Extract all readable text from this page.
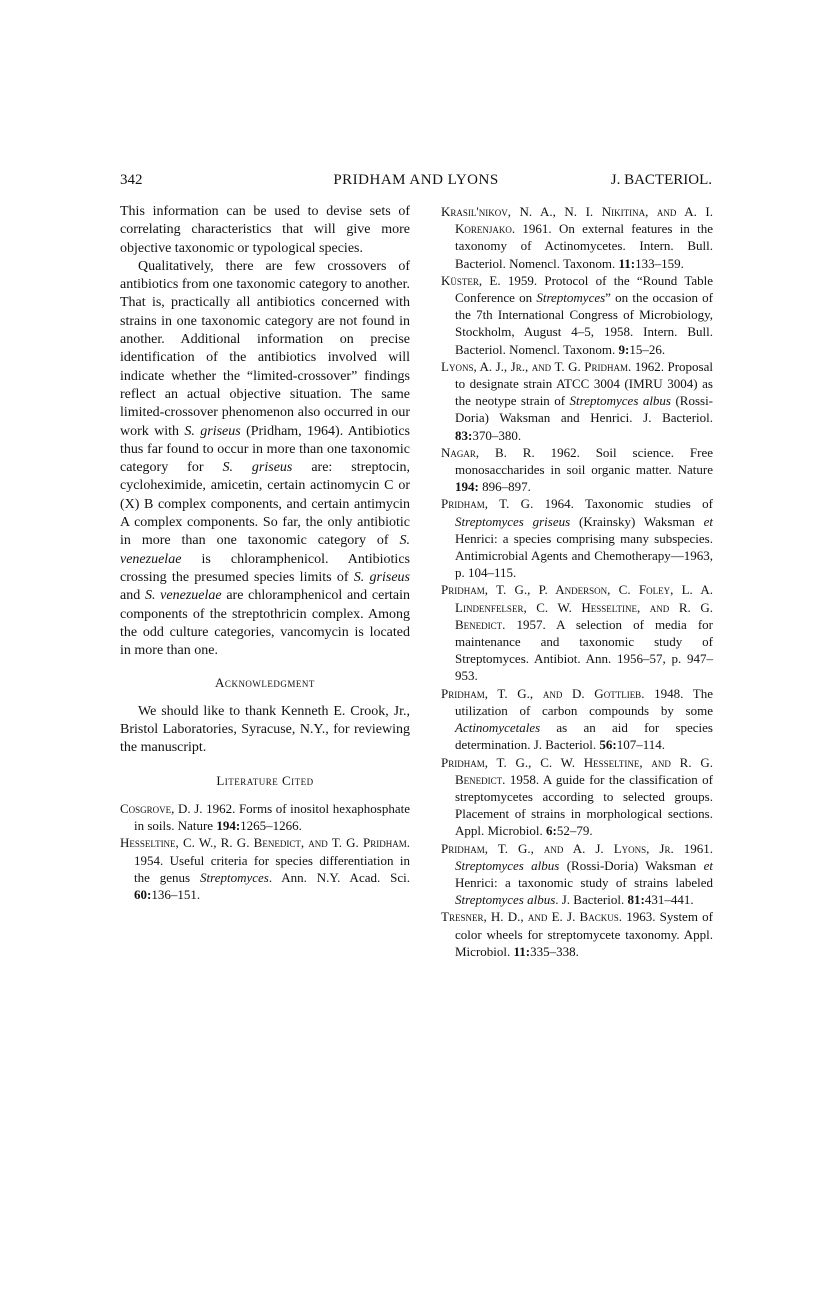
342	PRIDHAM AND LYONS	J. BACTERIOL.

This information can be used to devise sets of correlating characteristics that will give more objective taxonomic or typological species.

Qualitatively, there are few crossovers of antibiotics from one taxonomic category to another. That is, practically all antibiotics concerned with strains in one taxonomic category are not found in another. Additional information on precise identification of the antibiotics involved will indicate whether the “limited-crossover” findings reflect an actual objective situation. The same limited-crossover phenomenon also occurred in our work with S. griseus (Pridham, 1964). Antibiotics thus far found to occur in more than one taxonomic category for S. griseus are: streptocin, cycloheximide, amicetin, certain actinomycin C or (X) B complex components, and certain antimycin A complex components. So far, the only antibiotic in more than one taxonomic category of S. venezuelae is chloramphenicol. Antibiotics crossing the presumed species limits of S. griseus and S. venezuelae are chloramphenicol and certain components of the streptothricin complex. Among the odd culture categories, vancomycin is located in more than one.

Acknowledgment

We should like to thank Kenneth E. Crook, Jr., Bristol Laboratories, Syracuse, N.Y., for reviewing the manuscript.

Literature Cited

Cosgrove, D. J. 1962. Forms of inositol hexaphosphate in soils. Nature 194:1265–1266.

Hesseltine, C. W., R. G. Benedict, and T. G. Pridham. 1954. Useful criteria for species differentiation in the genus Streptomyces. Ann. N.Y. Acad. Sci. 60:136–151.

Krasil'nikov, N. A., N. I. Nikitina, and A. I. Korenjako. 1961. On external features in the taxonomy of Actinomycetes. Intern. Bull. Bacteriol. Nomencl. Taxonom. 11:133–159.

Küster, E. 1959. Protocol of the “Round Table Conference on Streptomyces” on the occasion of the 7th International Congress of Microbiology, Stockholm, August 4–5, 1958. Intern. Bull. Bacteriol. Nomencl. Taxonom. 9:15–26.

Lyons, A. J., Jr., and T. G. Pridham. 1962. Proposal to designate strain ATCC 3004 (IMRU 3004) as the neotype strain of Streptomyces albus (Rossi-Doria) Waksman and Henrici. J. Bacteriol. 83:370–380.

Nagar, B. R. 1962. Soil science. Free monosaccharides in soil organic matter. Nature 194: 896–897.

Pridham, T. G. 1964. Taxonomic studies of Streptomyces griseus (Krainsky) Waksman et Henrici: a species comprising many subspecies. Antimicrobial Agents and Chemotherapy—1963, p. 104–115.

Pridham, T. G., P. Anderson, C. Foley, L. A. Lindenfelser, C. W. Hesseltine, and R. G. Benedict. 1957. A selection of media for maintenance and taxonomic study of Streptomyces. Antibiot. Ann. 1956–57, p. 947–953.

Pridham, T. G., and D. Gottlieb. 1948. The utilization of carbon compounds by some Actinomycetales as an aid for species determination. J. Bacteriol. 56:107–114.

Pridham, T. G., C. W. Hesseltine, and R. G. Benedict. 1958. A guide for the classification of streptomycetes according to selected groups. Placement of strains in morphological sections. Appl. Microbiol. 6:52–79.

Pridham, T. G., and A. J. Lyons, Jr. 1961. Streptomyces albus (Rossi-Doria) Waksman et Henrici: a taxonomic study of strains labeled Streptomyces albus. J. Bacteriol. 81:431–441.

Tresner, H. D., and E. J. Backus. 1963. System of color wheels for streptomycete taxonomy. Appl. Microbiol. 11:335–338.
